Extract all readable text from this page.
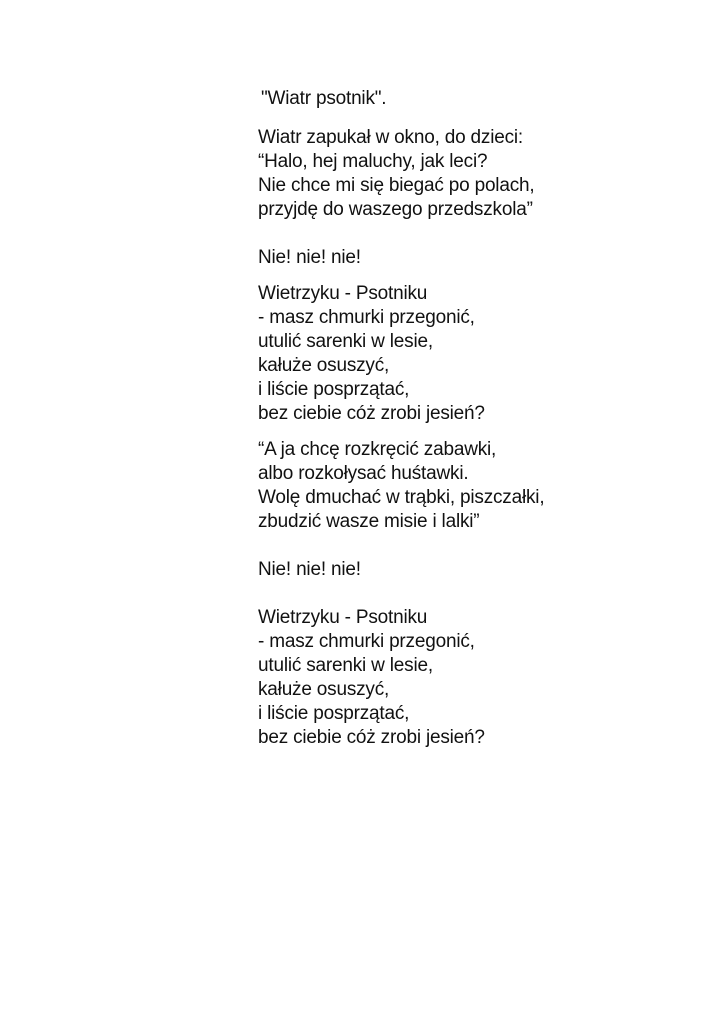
"Wiatr psotnik".
Wiatr zapukał w okno, do dzieci:
“Halo, hej maluchy, jak leci?
Nie chce mi się biegać po polach,
przyjdę do waszego przedszkola”
Nie! nie! nie!
Wietrzyku - Psotniku
- masz chmurki przegonić,
utulić sarenki w lesie,
kałuże osuszyć,
i liście posprzątać,
bez ciebie cóż zrobi jesień?
“A ja chcę rozkręcić zabawki,
albo rozkołysać huśtawki.
Wolę dmuchać w trąbki, piszczałki,
zbudzić wasze misie i lalki”
Nie! nie! nie!
Wietrzyku - Psotniku
- masz chmurki przegonić,
utulić sarenki w lesie,
kałuże osuszyć,
i liście posprzątać,
bez ciebie cóż zrobi jesień?
